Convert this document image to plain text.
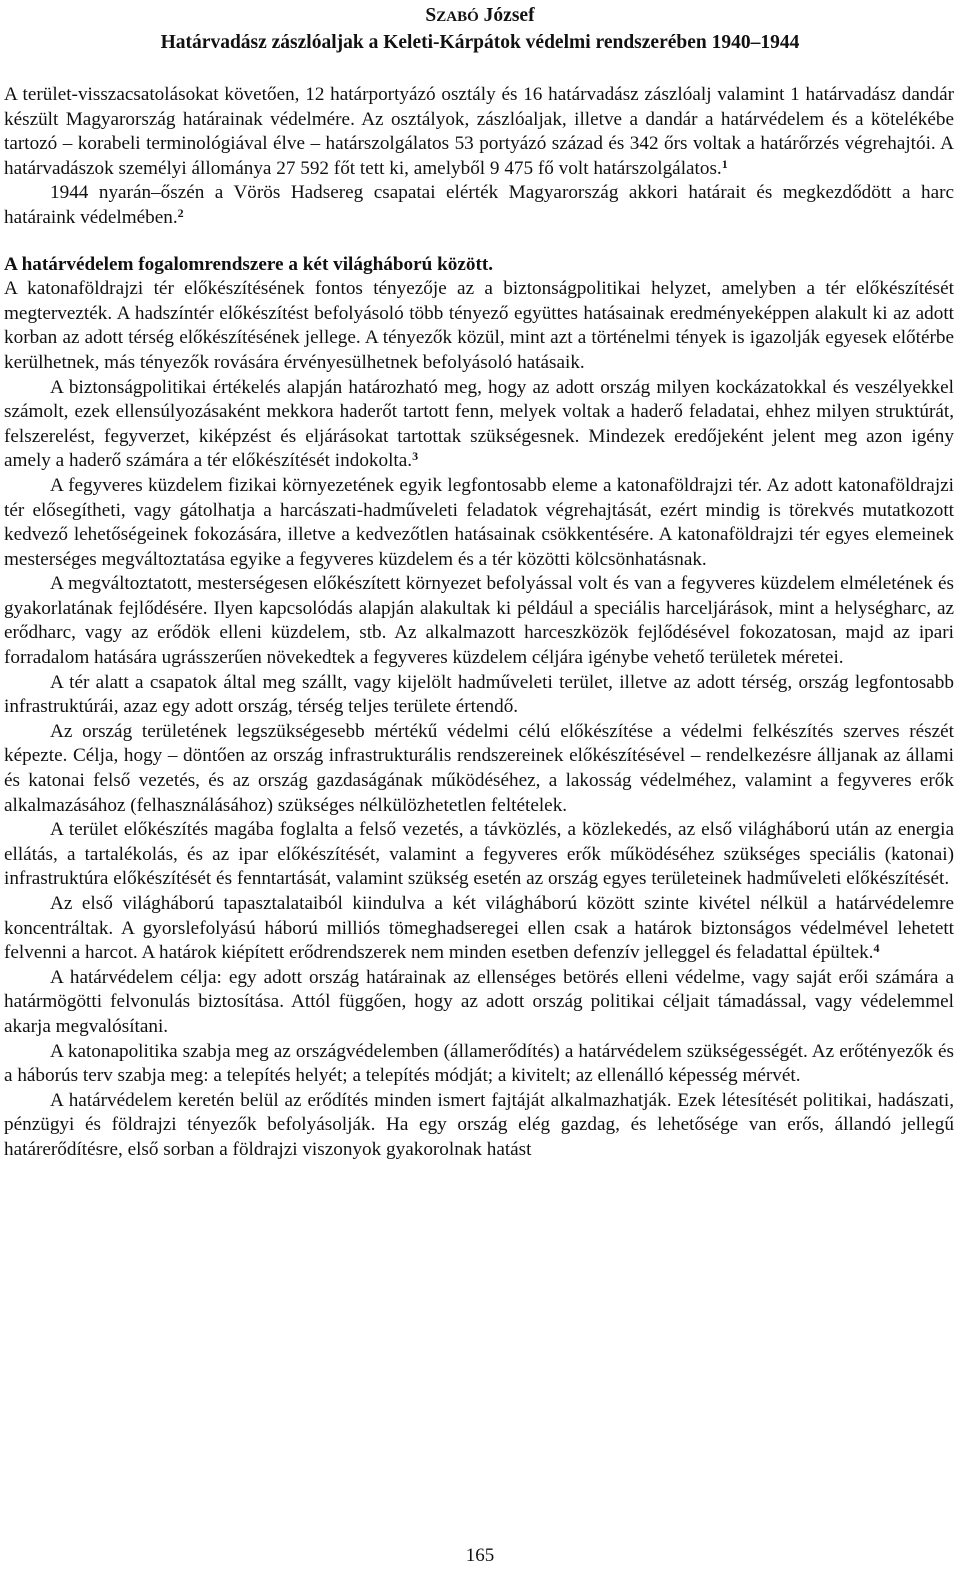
SZABÓ József
Határvadász zászlóaljak a Keleti-Kárpátok védelmi rendszerében 1940–1944

A terület-visszacsatolásokat követően, 12 határportyázó osztály és 16 határvadász zászlóalj valamint 1 határvadász dandár készült Magyarország határainak védelmére. Az osztályok, zászlóaljak, illetve a dandár a határvédelem és a kötelékébe tartozó – korabeli terminológiával élve – határszolgálatos 53 portyázó század és 342 őrs voltak a határőrzés végrehajtói. A határvadászok személyi állománya 27 592 főt tett ki, amelyből 9 475 fő volt határszolgálatos.$^1$

1944 nyarán–őszén a Vörös Hadsereg csapatai elérték Magyarország akkori határait és megkezdődött a harc határaink védelmében.$^2$

A határvédelem fogalomrendszere a két világháború között.

A katonaföldrajzi tér előkészítésének fontos tényezője az a biztonságpolitikai helyzet, amelyben a tér előkészítését megtervezték. A hadszíntér előkészítést befolyásoló több tényező együttes hatásainak eredményeképpen alakult ki az adott korban az adott térség előkészítésének jellege. A tényezők közül, mint azt a történelmi tények is igazolják egyesek előtérbe kerülhetnek, más tényezők rovására érvényesülhetnek befolyásoló hatásaik.

A biztonságpolitikai értékelés alapján határozható meg, hogy az adott ország milyen kockázatokkal és veszélyekkel számolt, ezek ellensúlyozásaként mekkora haderőt tartott fenn, melyek voltak a haderő feladatai, ehhez milyen struktúrát, felszerelést, fegyverzet, kiképzést és eljárásokat tartottak szükségesnek. Mindezek eredőjeként jelent meg azon igény amely a haderő számára a tér előkészítését indokolta.$^3$

A fegyveres küzdelem fizikai környezetének egyik legfontosabb eleme a katonaföldrajzi tér. Az adott katonaföldrajzi tér elősegítheti, vagy gátolhatja a harcászati-hadműveleti feladatok végrehajtását, ezért mindig is törekvés mutatkozott kedvező lehetőségeinek fokozására, illetve a kedvezőtlen hatásainak csökkentésére. A katonaföldrajzi tér egyes elemeinek mesterséges megváltoztatása egyike a fegyveres küzdelem és a tér közötti kölcsönhatásnak.

A megváltoztatott, mesterségesen előkészített környezet befolyással volt és van a fegyveres küzdelem elméletének és gyakorlatának fejlődésére. Ilyen kapcsolódás alapján alakultak ki például a speciális harceljárások, mint a helységharc, az erődharc, vagy az erődök elleni küzdelem, stb. Az alkalmazott harceszközök fejlődésével fokozatosan, majd az ipari forradalom hatására ugrásszerűen növekedtek a fegyveres küzdelem céljára igénybe vehető területek méretei.

A tér alatt a csapatok által meg szállt, vagy kijelölt hadműveleti terület, illetve az adott térség, ország legfontosabb infrastruktúrái, azaz egy adott ország, térség teljes területe értendő.

Az ország területének legszükségesebb mértékű védelmi célú előkészítése a védelmi felkészítés szerves részét képezte. Célja, hogy – döntően az ország infrastrukturális rendszereinek előkészítésével – rendelkezésre álljanak az állami és katonai felső vezetés, és az ország gazdaságának működéséhez, a lakosság védelméhez, valamint a fegyveres erők alkalmazásához (felhasználásához) szükséges nélkülözhetetlen feltételek.

A terület előkészítés magába foglalta a felső vezetés, a távközlés, a közlekedés, az első világháború után az energia ellátás, a tartalékolás, és az ipar előkészítését, valamint a fegyveres erők működéséhez szükséges speciális (katonai) infrastruktúra előkészítését és fenntartását, valamint szükség esetén az ország egyes területeinek hadműveleti előkészítését.

Az első világháború tapasztalataiból kiindulva a két világháború között szinte kivétel nélkül a határvédelemre koncentráltak. A gyorslefolyású háború milliós tömeghadseregei ellen csak a határok biztonságos védelmével lehetett felvenni a harcot. A határok kiépített erődrendszerek nem minden esetben defenzív jelleggel és feladattal épültek.$^4$

A határvédelem célja: egy adott ország határainak az ellenséges betörés elleni védelme, vagy saját erői számára a határmögötti felvonulás biztosítása. Attól függően, hogy az adott ország politikai céljait támadással, vagy védelemmel akarja megvalósítani.

A katonapolitika szabja meg az országvédelemben (államerődítés) a határvédelem szükségességét. Az erőtényezők és a háborús terv szabja meg: a telepítés helyét; a telepítés módját; a kivitelt; az ellenálló képesség mérvét.

A határvédelem keretén belül az erődítés minden ismert fajtáját alkalmazhatják. Ezek létesítését politikai, hadászati, pénzügyi és földrajzi tényezők befolyásolják. Ha egy ország elég gazdag, és lehetősége van erős, állandó jellegű határerődítésre, első sorban a földrajzi viszonyok gyakorolnak hatást

165
